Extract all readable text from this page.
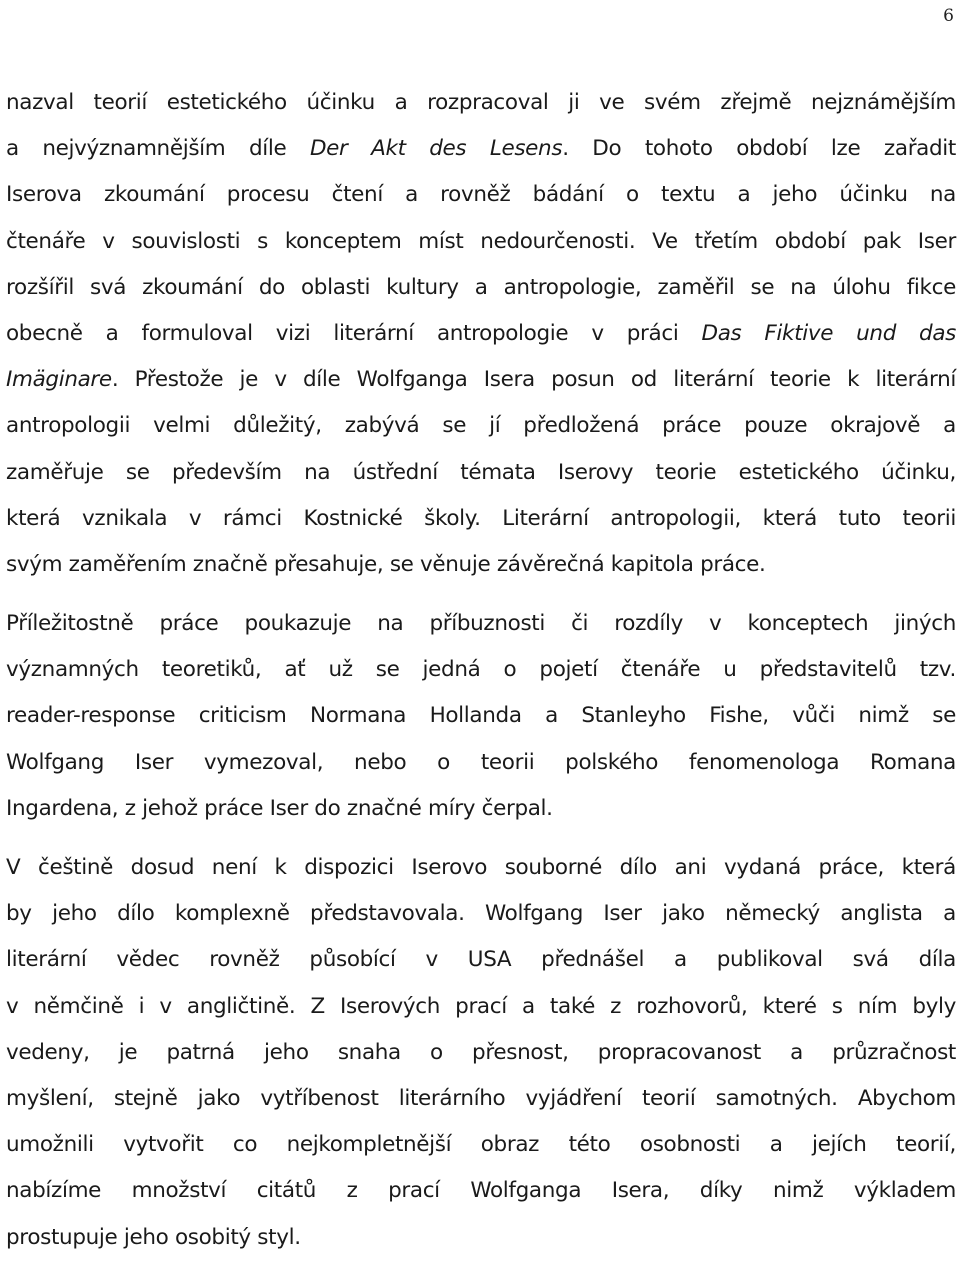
6
nazval teorií estetického účinku a rozpracoval ji ve svém zřejmě nejznámějším
a nejvýznamnějším díle Der Akt des Lesens. Do tohoto období lze zařadit
Iserova zkoumání procesu čtení a rovněž bádání o textu a jeho účinku na
čtenáře v souvislosti s konceptem míst nedourčenosti. Ve třetím období pak Iser
rozšířil svá zkoumání do oblasti kultury a antropologie, zaměřil se na úlohu fikce
obecně a formuloval vizi literární antropologie v práci Das Fiktive und das
Imäginare. Přestože je v díle Wolfganga Isera posun od literární teorie k literární
antropologii velmi důležitý, zabývá se jí předložená práce pouze okrajově a
zaměřuje se především na ústřední témata Iserovy teorie estetického účinku,
která vznikala v rámci Kostnické školy. Literární antropologii, která tuto teorii
svým zaměřením značně přesahuje, se věnuje závěrečná kapitola práce.
Příležitostně práce poukazuje na příbuznosti či rozdíly v konceptech jiných
významných teoretiků, ať už se jedná o pojetí čtenáře u představitelů tzv.
reader-response criticism Normana Hollanda a Stanleyho Fishe, vůči nimž se
Wolfgang Iser vymezoval, nebo o teorii polského fenomenologa Romana
Ingardena, z jehož práce Iser do značné míry čerpal.
V češtině dosud není k dispozici Iserovo souborné dílo ani vydaná práce, která
by jeho dílo komplexně představovala. Wolfgang Iser jako německý anglista a
literární vědec rovněž působící v USA přednášel a publikoval svá díla
v němčině i v angličtině. Z Iserových prací a také z rozhovorů, které s ním byly
vedeny, je patrná jeho snaha o přesnost, propracovanost a průzračnost
myšlení, stejně jako vytříbenost literárního vyjádření teorií samotných. Abychom
umožnili vytvořit co nejkompletnější obraz této osobnosti a jejích teorií,
nabízíme množství citátů z prací Wolfganga Isera, díky nimž výkladem
prostupuje jeho osobitý styl.
